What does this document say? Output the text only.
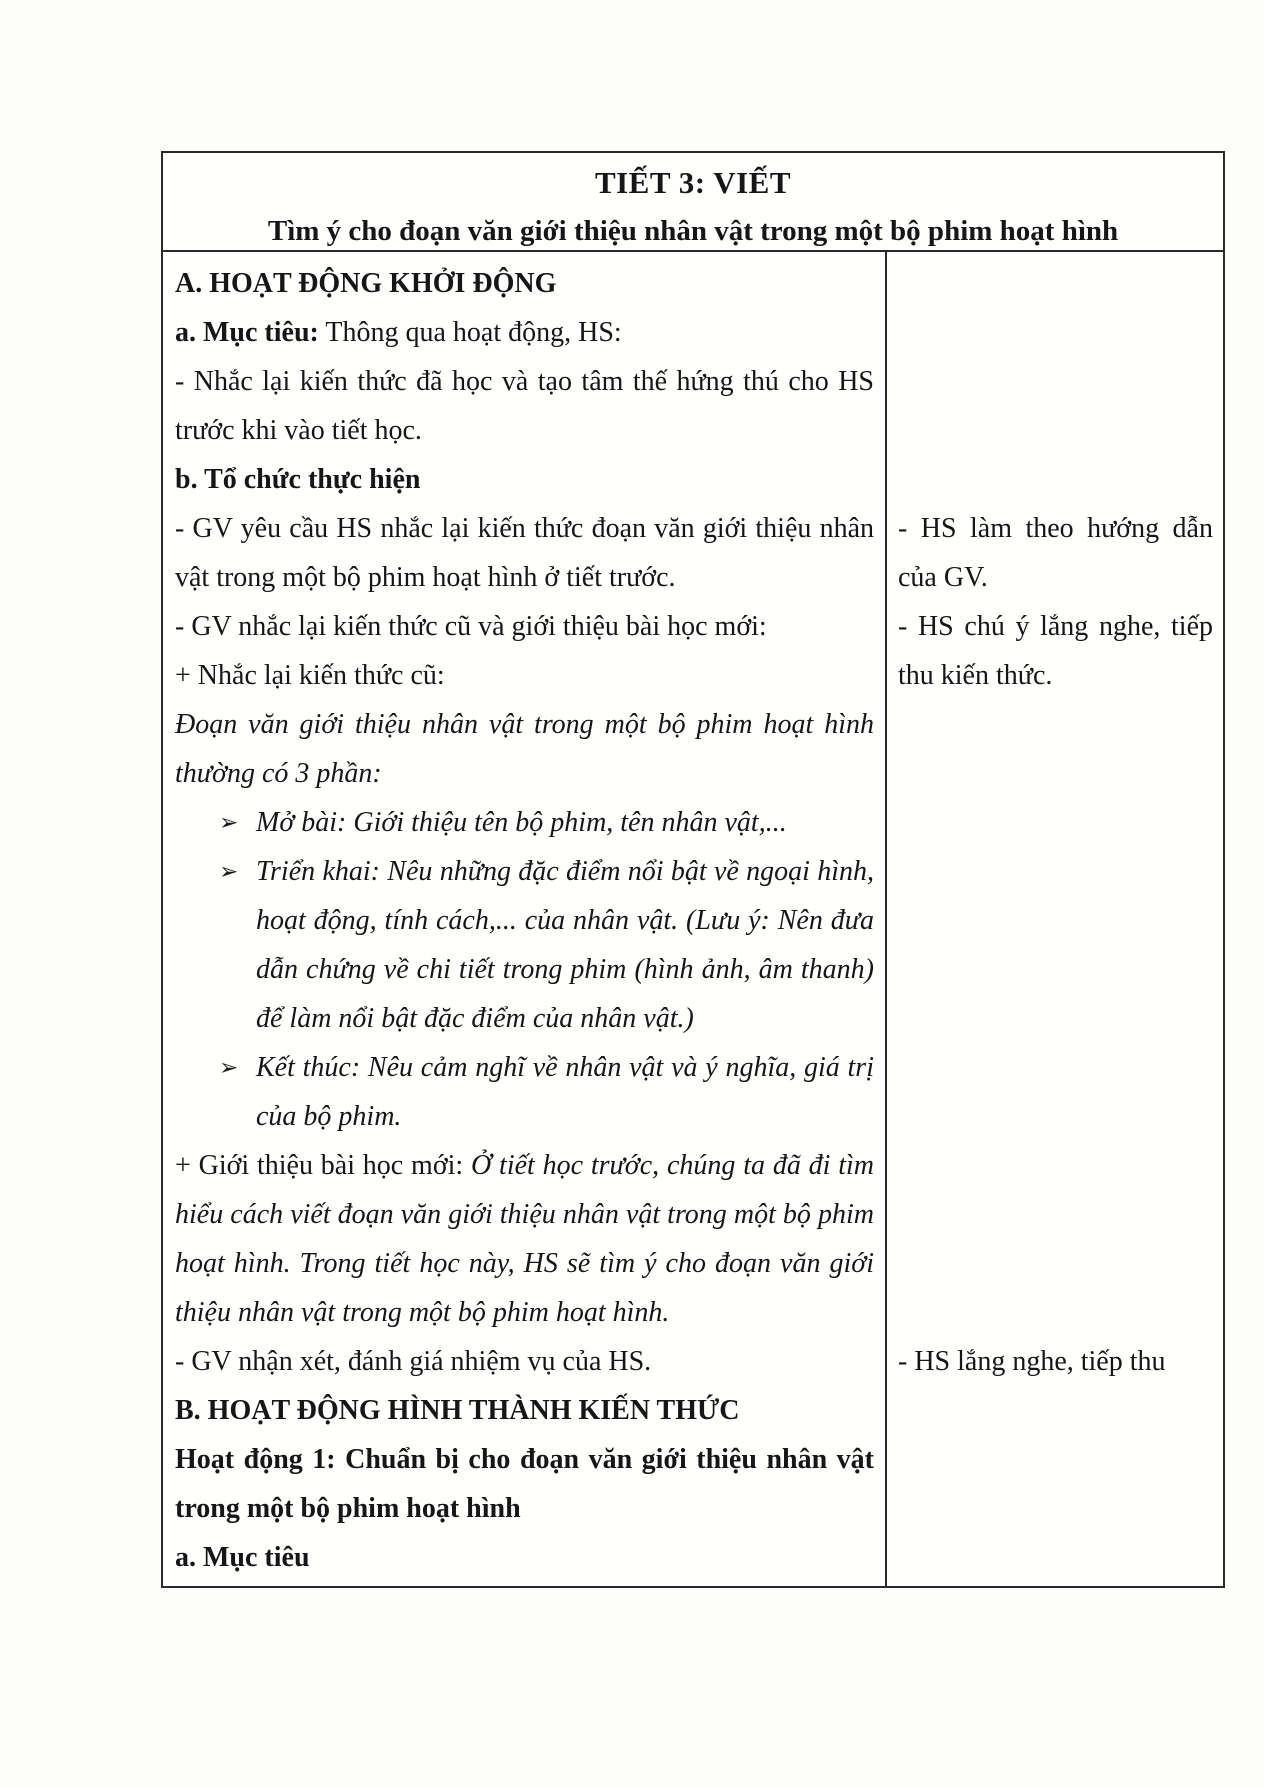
TIẾT 3: VIẾT
Tìm ý cho đoạn văn giới thiệu nhân vật trong một bộ phim hoạt hình
A. HOẠT ĐỘNG KHỞI ĐỘNG
a. Mục tiêu: Thông qua hoạt động, HS:
- Nhắc lại kiến thức đã học và tạo tâm thế hứng thú cho HS trước khi vào tiết học.
b. Tổ chức thực hiện
- GV yêu cầu HS nhắc lại kiến thức đoạn văn giới thiệu nhân vật trong một bộ phim hoạt hình ở tiết trước.
- GV nhắc lại kiến thức cũ và giới thiệu bài học mới:
+ Nhắc lại kiến thức cũ:
Đoạn văn giới thiệu nhân vật trong một bộ phim hoạt hình thường có 3 phần:
➢ Mở bài: Giới thiệu tên bộ phim, tên nhân vật,...
➢ Triển khai: Nêu những đặc điểm nổi bật về ngoại hình, hoạt động, tính cách,... của nhân vật. (Lưu ý: Nên đưa dẫn chứng về chi tiết trong phim (hình ảnh, âm thanh) để làm nổi bật đặc điểm của nhân vật.)
➢ Kết thúc: Nêu cảm nghĩ về nhân vật và ý nghĩa, giá trị của bộ phim.
+ Giới thiệu bài học mới: Ở tiết học trước, chúng ta đã đi tìm hiểu cách viết đoạn văn giới thiệu nhân vật trong một bộ phim hoạt hình. Trong tiết học này, HS sẽ tìm ý cho đoạn văn giới thiệu nhân vật trong một bộ phim hoạt hình.
- GV nhận xét, đánh giá nhiệm vụ của HS.
B. HOẠT ĐỘNG HÌNH THÀNH KIẾN THỨC
Hoạt động 1: Chuẩn bị cho đoạn văn giới thiệu nhân vật trong một bộ phim hoạt hình
a. Mục tiêu
- HS làm theo hướng dẫn của GV.
- HS chú ý lắng nghe, tiếp thu kiến thức.
- HS lắng nghe, tiếp thu
